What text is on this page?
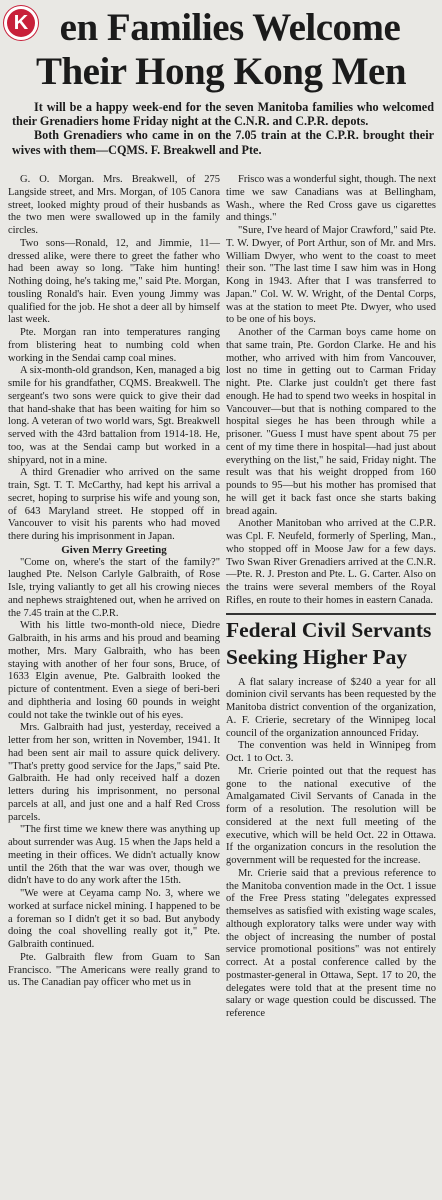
K en Families Welcome
Their Hong Kong Men

It will be a happy week-end for the seven Manitoba families who welcomed their Grenadiers home Friday night at the C.N.R. and C.P.R. depots.

Both Grenadiers who came in on the 7.05 train at the C.P.R. brought their wives with them—CQMS. F. Breakwell and Pte.

G. O. Morgan. Mrs. Breakwell, of 275 Langside street, and Mrs. Morgan, of 105 Canora street, looked mighty proud of their husbands as the two men were swallowed up in the family circles.

Two sons—Ronald, 12, and Jimmie, 11—dressed alike, were there to greet the father who had been away so long. "Take him hunting! Nothing doing, he's taking me," said Pte. Morgan, tousling Ronald's hair. Even young Jimmy was qualified for the job. He shot a deer all by himself last week.

Pte. Morgan ran into temperatures ranging from blistering heat to numbing cold when working in the Sendai camp coal mines.

A six-month-old grandson, Ken, managed a big smile for his grandfather, CQMS. Breakwell. The sergeant's two sons were quick to give their dad that hand-shake that has been waiting for him so long. A veteran of two world wars, Sgt. Breakwell served with the 43rd battalion from 1914-18. He, too, was at the Sendai camp but worked in a shipyard, not in a mine.

A third Grenadier who arrived on the same train, Sgt. T. T. McCarthy, had kept his arrival a secret, hoping to surprise his wife and young son, of 643 Maryland street. He stopped off in Vancouver to visit his parents who had moved there during his imprisonment in Japan.

Given Merry Greeting

"Come on, where's the start of the family?" laughed Pte. Nelson Carlyle Galbraith, of Rose Isle, trying valiantly to get all his crowing nieces and nephews straightened out, when he arrived on the 7.45 train at the C.P.R.

With his little two-month-old niece, Diedre Galbraith, in his arms and his proud and beaming mother, Mrs. Mary Galbraith, who has been staying with another of her four sons, Bruce, of 1633 Elgin avenue, Pte. Galbraith looked the picture of contentment. Even a siege of beri-beri and diphtheria and losing 60 pounds in weight could not take the twinkle out of his eyes.

Mrs. Galbraith had just, yesterday, received a letter from her son, written in November, 1941. It had been sent air mail to assure quick delivery. "That's pretty good service for the Japs," said Pte. Galbraith. He had only received half a dozen letters during his imprisonment, no personal parcels at all, and just one and a half Red Cross parcels.

"The first time we knew there was anything up about surrender was Aug. 15 when the Japs held a meeting in their offices. We didn't actually know until the 26th that the war was over, though we didn't have to do any work after the 15th.

"We were at Ceyama camp No. 3, where we worked at surface nickel mining. I happened to be a foreman so I didn't get it so bad. But anybody doing the coal shovelling really got it," Pte. Galbraith continued.

Pte. Galbraith flew from Guam to San Francisco. "The Americans were really grand to us. The Canadian pay officer who met us in

Frisco was a wonderful sight, though. The next time we saw Canadians was at Bellingham, Wash., where the Red Cross gave us cigarettes and things."

"Sure, I've heard of Major Crawford," said Pte. T. W. Dwyer, of Port Arthur, son of Mr. and Mrs. William Dwyer, who went to the coast to meet their son. "The last time I saw him was in Hong Kong in 1943. After that I was transferred to Japan." Col. W. W. Wright, of the Dental Corps, was at the station to meet Pte. Dwyer, who used to be one of his boys.

Another of the Carman boys came home on that same train, Pte. Gordon Clarke. He and his mother, who arrived with him from Vancouver, lost no time in getting out to Carman Friday night. Pte. Clarke just couldn't get there fast enough. He had to spend two weeks in hospital in Vancouver—but that is nothing compared to the hospital sieges he has been through while a prisoner. "Guess I must have spent about 75 per cent of my time there in hospital—had just about everything on the list," he said, Friday night. The result was that his weight dropped from 160 pounds to 95—but his mother has promised that he will get it back fast once she starts baking bread again.

Another Manitoban who arrived at the C.P.R. was Cpl. F. Neufeld, formerly of Sperling, Man., who stopped off in Moose Jaw for a few days. Two Swan River Grenadiers arrived at the C.N.R.—Pte. R. J. Preston and Pte. L. G. Carter. Also on the trains were several members of the Royal Rifles, en route to their homes in eastern Canada.

Federal Civil Servants
Seeking Higher Pay

A flat salary increase of $240 a year for all dominion civil servants has been requested by the Manitoba district convention of the organization, A. F. Crierie, secretary of the Winnipeg local council of the organization announced Friday.

The convention was held in Winnipeg from Oct. 1 to Oct. 3.

Mr. Crierie pointed out that the request has gone to the national executive of the Amalgamated Civil Servants of Canada in the form of a resolution. The resolution will be considered at the next full meeting of the executive, which will be held Oct. 22 in Ottawa. If the organization concurs in the resolution the government will be requested for the increase.

Mr. Crierie said that a previous reference to the Manitoba convention made in the Oct. 1 issue of the Free Press stating "delegates expressed themselves as satisfied with existing wage scales, although exploratory talks were under way with the object of increasing the number of postal service promotional positions" was not entirely correct. At a postal conference called by the postmaster-general in Ottawa, Sept. 17 to 20, the delegates were told that at the present time no salary or wage question could be discussed. The reference
